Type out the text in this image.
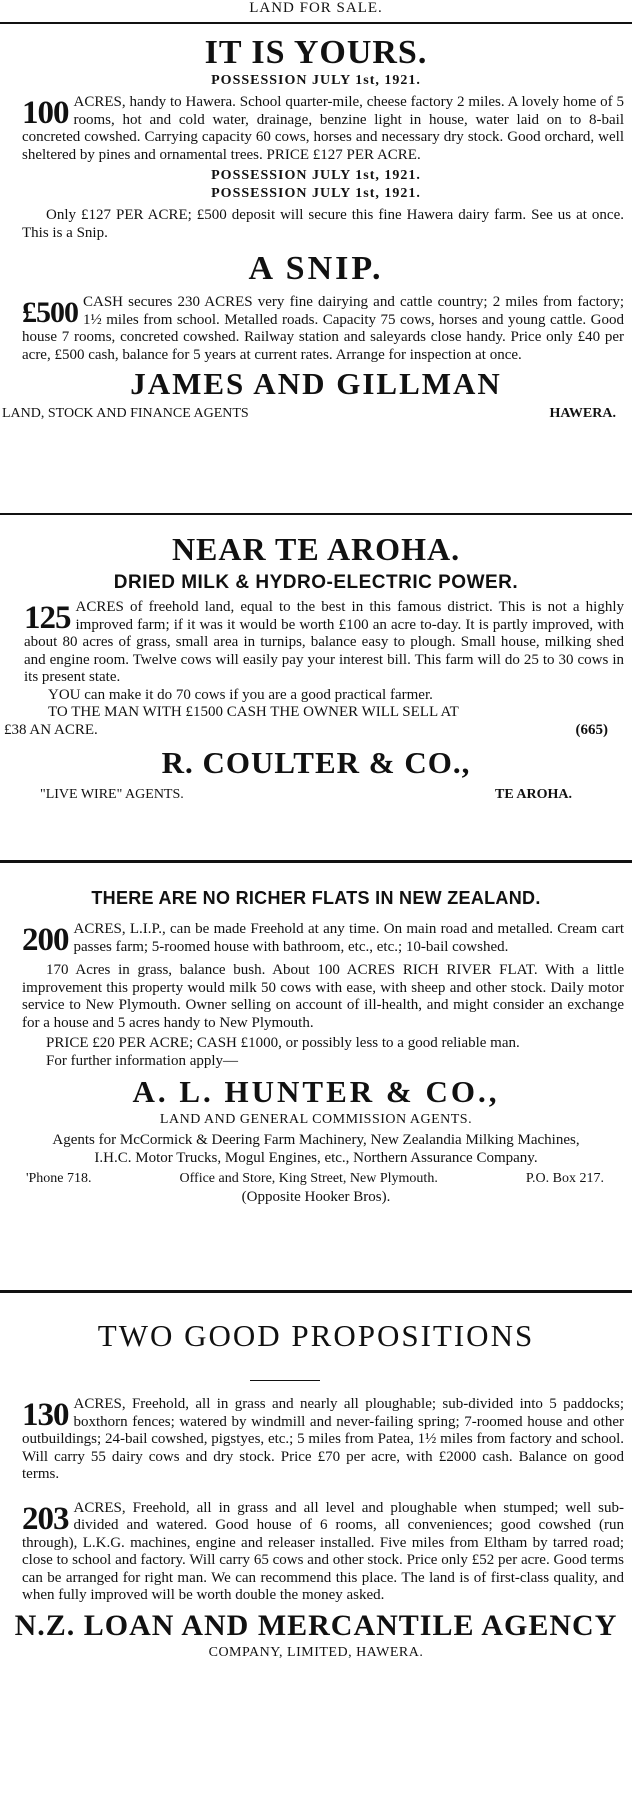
LAND FOR SALE.
IT IS YOURS.
POSSESSION JULY 1st, 1921.
100 ACRES, handy to Hawera. School quarter-mile, cheese factory 2 miles. A lovely home of 5 rooms, hot and cold water, drainage, benzine light in house, water laid on to 8-bail concreted cowshed. Carrying capacity 60 cows, horses and necessary dry stock. Good orchard, well sheltered by pines and ornamental trees. PRICE £127 PER ACRE.
POSSESSION JULY 1st, 1921.
POSSESSION JULY 1st, 1921.
Only £127 PER ACRE; £500 deposit will secure this fine Hawera dairy farm. See us at once. This is a Snip.
A SNIP.
£500 CASH secures 230 ACRES very fine dairying and cattle country; 2 miles from factory; 1½ miles from school. Metalled roads. Capacity 75 cows, horses and young cattle. Good house 7 rooms, concreted cowshed. Railway station and saleyards close handy. Price only £40 per acre, £500 cash, balance for 5 years at current rates. Arrange for inspection at once.
JAMES AND GILLMAN
LAND, STOCK AND FINANCE AGENTS	HAWERA.
NEAR TE AROHA.
DRIED MILK & HYDRO-ELECTRIC POWER.
125 ACRES of freehold land, equal to the best in this famous district. This is not a highly improved farm; if it was it would be worth £100 an acre to-day. It is partly improved, with about 80 acres of grass, small area in turnips, balance easy to plough. Small house, milking shed and engine room. Twelve cows will easily pay your interest bill. This farm will do 25 to 30 cows in its present state.
YOU can make it do 70 cows if you are a good practical farmer.
TO THE MAN WITH £1500 CASH THE OWNER WILL SELL AT
£38 AN ACRE.	(665)
R. COULTER & CO.,
"LIVE WIRE" AGENTS.	TE AROHA.
THERE ARE NO RICHER FLATS IN NEW ZEALAND.
200 ACRES, L.I.P., can be made Freehold at any time. On main road and metalled. Cream cart passes farm; 5-roomed house with bathroom, etc., etc.; 10-bail cowshed.
170 Acres in grass, balance bush. About 100 ACRES RICH RIVER FLAT. With a little improvement this property would milk 50 cows with ease, with sheep and other stock. Daily motor service to New Plymouth. Owner selling on account of ill-health, and might consider an exchange for a house and 5 acres handy to New Plymouth.
PRICE £20 PER ACRE; CASH £1000, or possibly less to a good reliable man.
For further information apply—
A. L. HUNTER & CO.,
LAND AND GENERAL COMMISSION AGENTS.
Agents for McCormick & Deering Farm Machinery, New Zealandia Milking Machines, I.H.C. Motor Trucks, Mogul Engines, etc., Northern Assurance Company.
'Phone 718.	Office and Store, King Street, New Plymouth.	P.O. Box 217.
(Opposite Hooker Bros).
TWO GOOD PROPOSITIONS
130 ACRES, Freehold, all in grass and nearly all ploughable; sub-divided into 5 paddocks; boxthorn fences; watered by windmill and never-failing spring; 7-roomed house and other outbuildings; 24-bail cowshed, pigstyes, etc.; 5 miles from Patea, 1½ miles from factory and school. Will carry 55 dairy cows and dry stock. Price £70 per acre, with £2000 cash. Balance on good terms.
203 ACRES, Freehold, all in grass and all level and ploughable when stumped; well sub-divided and watered. Good house of 6 rooms, all conveniences; good cowshed (run through), L.K.G. machines, engine and releaser installed. Five miles from Eltham by tarred road; close to school and factory. Will carry 65 cows and other stock. Price only £52 per acre. Good terms can be arranged for right man. We can recommend this place. The land is of first-class quality, and when fully improved will be worth double the money asked.
N.Z. LOAN AND MERCANTILE AGENCY
COMPANY, LIMITED, HAWERA.
